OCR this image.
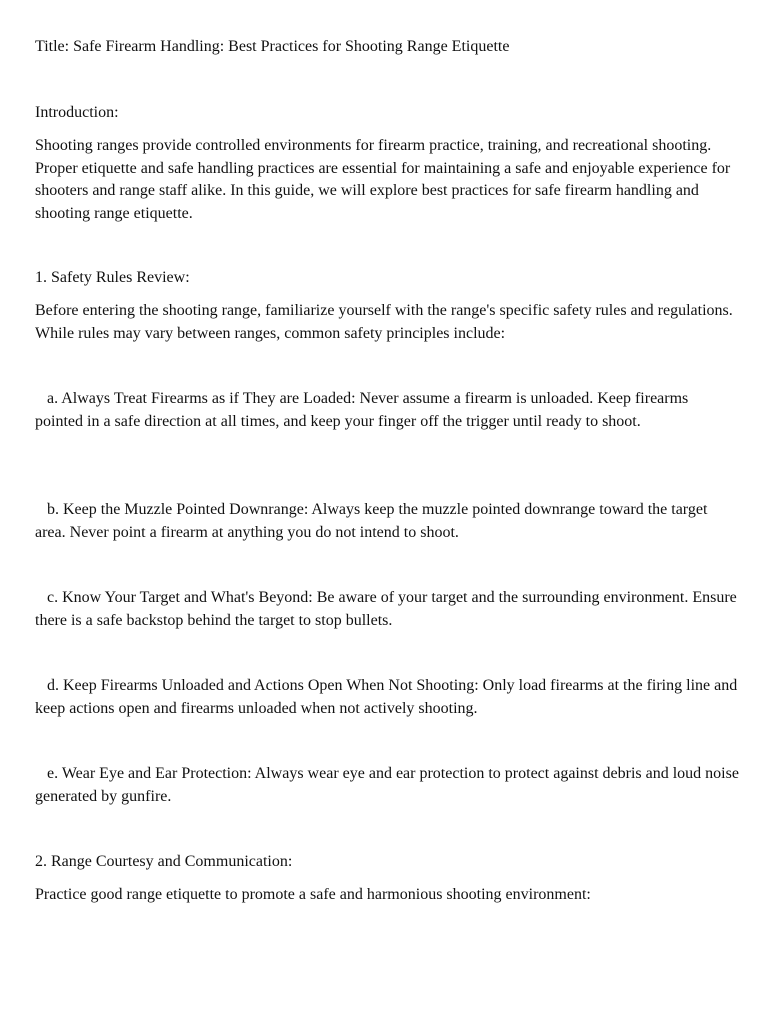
Title: Safe Firearm Handling: Best Practices for Shooting Range Etiquette

Introduction:

Shooting ranges provide controlled environments for firearm practice, training, and recreational shooting. Proper etiquette and safe handling practices are essential for maintaining a safe and enjoyable experience for shooters and range staff alike. In this guide, we will explore best practices for safe firearm handling and shooting range etiquette.

1. Safety Rules Review:

Before entering the shooting range, familiarize yourself with the range's specific safety rules and regulations. While rules may vary between ranges, common safety principles include:

a. Always Treat Firearms as if They are Loaded: Never assume a firearm is unloaded. Keep firearms pointed in a safe direction at all times, and keep your finger off the trigger until ready to shoot.

b. Keep the Muzzle Pointed Downrange: Always keep the muzzle pointed downrange toward the target area. Never point a firearm at anything you do not intend to shoot.

c. Know Your Target and What's Beyond: Be aware of your target and the surrounding environment. Ensure there is a safe backstop behind the target to stop bullets.

d. Keep Firearms Unloaded and Actions Open When Not Shooting: Only load firearms at the firing line and keep actions open and firearms unloaded when not actively shooting.

e. Wear Eye and Ear Protection: Always wear eye and ear protection to protect against debris and loud noise generated by gunfire.

2. Range Courtesy and Communication:

Practice good range etiquette to promote a safe and harmonious shooting environment:
